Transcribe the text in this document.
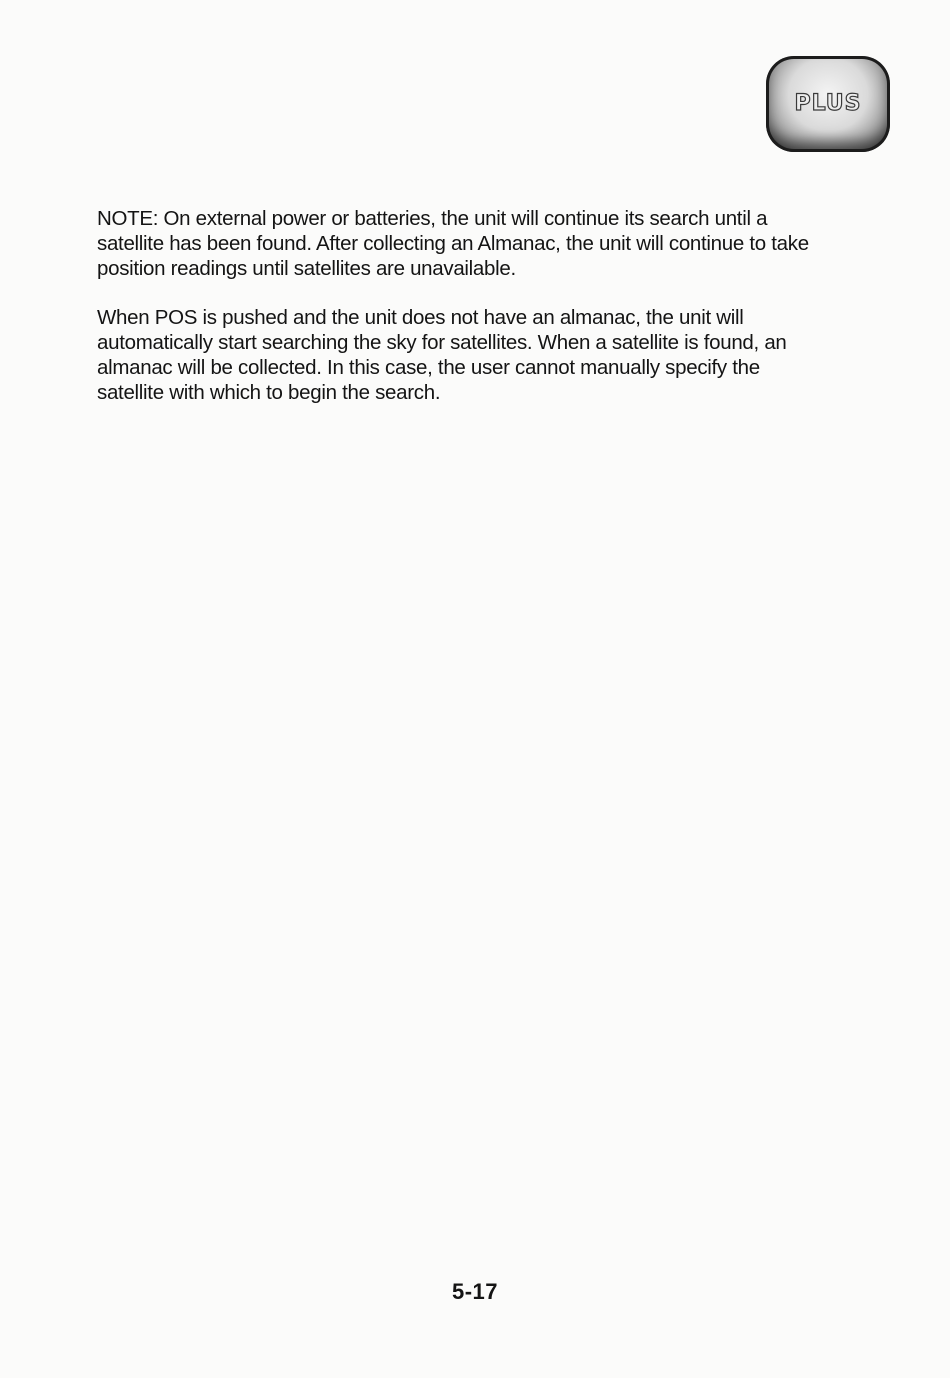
PLUS

NOTE: On external power or batteries, the unit will continue its search until a satellite has been found. After collecting an Almanac, the unit will continue to take position readings until satellites are unavailable.

When POS is pushed and the unit does not have an almanac, the unit will automatically start searching the sky for satellites. When a satellite is found, an almanac will be collected. In this case, the user cannot manually specify the satellite with which to begin the search.

5-17
